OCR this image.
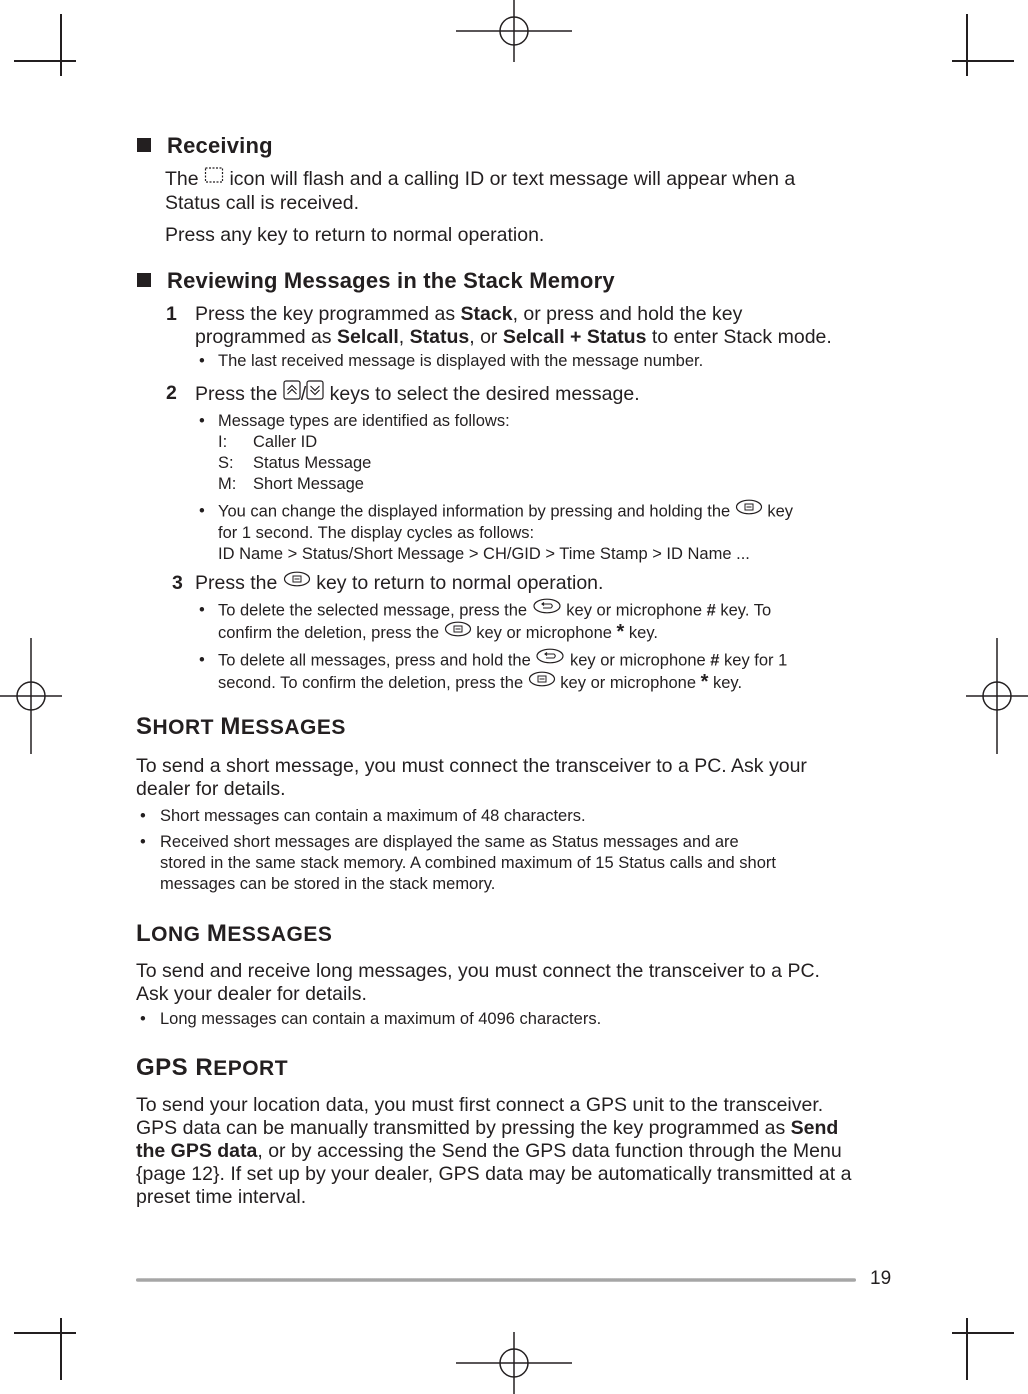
Receiving
The  icon will flash and a calling ID or text message will appear when a
Status call is received.
Press any key to return to normal operation.
Reviewing Messages in the Stack Memory
1 Press the key programmed as Stack, or press and hold the key
programmed as Selcall, Status, or Selcall + Status to enter Stack mode.
• The last received message is displayed with the message number.
2 Press the / keys to select the desired message.
• Message types are identified as follows:
I: Caller ID
S: Status Message
M: Short Message
• You can change the displayed information by pressing and holding the  key
for 1 second. The display cycles as follows:
ID Name > Status/Short Message > CH/GID > Time Stamp > ID Name ...
3 Press the  key to return to normal operation.
• To delete the selected message, press the  key or microphone # key. To
confirm the deletion, press the  key or microphone * key.
• To delete all messages, press and hold the  key or microphone # key for 1
second. To confirm the deletion, press the  key or microphone * key.
SHORT MESSAGES
To send a short message, you must connect the transceiver to a PC. Ask your
dealer for details.
• Short messages can contain a maximum of 48 characters.
• Received short messages are displayed the same as Status messages and are
stored in the same stack memory. A combined maximum of 15 Status calls and short
messages can be stored in the stack memory.
LONG MESSAGES
To send and receive long messages, you must connect the transceiver to a PC.
Ask your dealer for details.
• Long messages can contain a maximum of 4096 characters.
GPS REPORT
To send your location data, you must first connect a GPS unit to the transceiver.
GPS data can be manually transmitted by pressing the key programmed as Send
the GPS data, or by accessing the Send the GPS data function through the Menu
{page 12}. If set up by your dealer, GPS data may be automatically transmitted at a
preset time interval.
19
